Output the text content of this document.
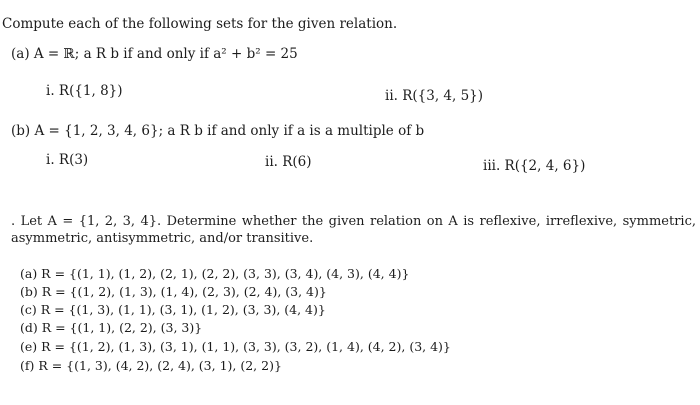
Compute each of the following sets for the given relation.
(a) A = ℝ; a R b if and only if a² + b² = 25
i. R({1, 8})	ii. R({3, 4, 5})
(b) A = {1, 2, 3, 4, 6}; a R b if and only if a is a multiple of b
i. R(3)	ii. R(6)	iii. R({2, 4, 6})
. Let A = {1, 2, 3, 4}. Determine whether the given relation on A is reflexive, irreflexive, symmetric, asymmetric, antisymmetric, and/or transitive.
(a) R = {(1, 1), (1, 2), (2, 1), (2, 2), (3, 3), (3, 4), (4, 3), (4, 4)}
(b) R = {(1, 2), (1, 3), (1, 4), (2, 3), (2, 4), (3, 4)}
(c) R = {(1, 3), (1, 1), (3, 1), (1, 2), (3, 3), (4, 4)}
(d) R = {(1, 1), (2, 2), (3, 3)}
(e) R = {(1, 2), (1, 3), (3, 1), (1, 1), (3, 3), (3, 2), (1, 4), (4, 2), (3, 4)}
(f) R = {(1, 3), (4, 2), (2, 4), (3, 1), (2, 2)}
